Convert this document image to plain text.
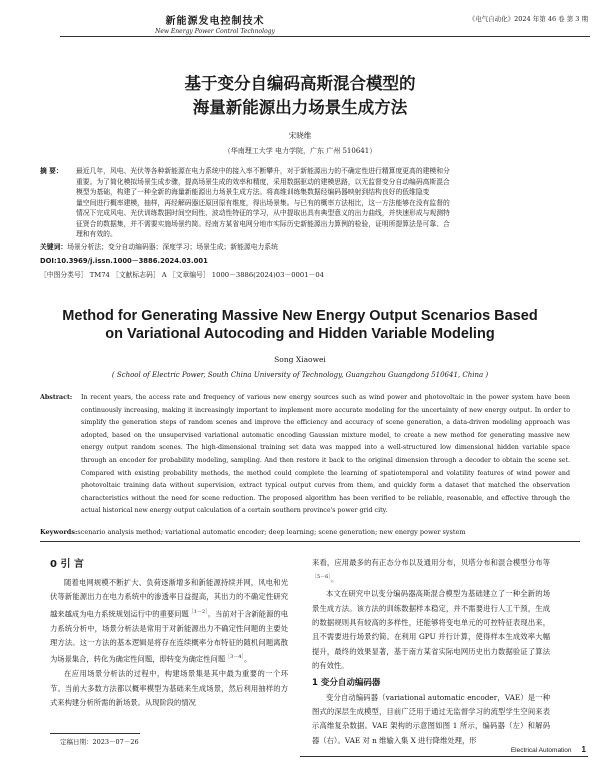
新能源发电控制技术
New Energy Power Control Technology
《电气自动化》2024 年第 46 卷 第 3 期
基于变分自编码高斯混合模型的
海量新能源出力场景生成方法
宋晓维
（华南理工大学 电力学院，广东 广州 510641）
摘 要：	最近几年，风电、光伏等各种新能源在电力系统中的接入率不断攀升，对于新能源出力的不确定性进行精算度更高的建模和分
重要。为了简化模拟场景生成步骤，提高场景生成的效率和精度，采用数据驱动的建模思路，以无监督变分自动编码高斯混合
模型为基础，构建了一种全新的海量新能源出力场景生成方法。将高维训练集数据经编码器映射到结构良好的低维隐变
量空间进行概率建模，抽样，再经解码器还原回原有维度，得出场景集。与已有的概率方法相比，这一方法能够在没有监督的
情况下完成风电、光伏训练数据时间空间性、波动性特征的学习，从中提取出具有典型意义的出力曲线，并快速形成与观测特
征贤合的数据集，并不需要实施场景约简。经南方某省电网分地市实际历史新能源出力算例的检验，证明所提算法是可靠、合
理和有效的。
关键词：场景分析法；变分自动编码器；深度学习；场景生成；新能源电力系统
DOI:10.3969/j.issn.1000－3886.2024.03.001
［中图分类号］ TM74 ［文献标志码］ A ［文章编号］ 1000－3886(2024)03－0001－04
Method for Generating Massive New Energy Output Scenarios Based
on Variational Autocoding and Hidden Variable Modeling
Song Xiaowei
( School of Electric Power, South China University of Technology, Guangzhou Guangdong 510641, China )
Abstract: In recent years, the access rate and frequency of various new energy sources such as wind power and photovoltaic in the power system have been continuously increasing, making it increasingly important to implement more accurate modeling for the uncertainty of new energy output. In order to simplify the generation steps of random scenes and improve the efficiency and accuracy of scene generation, a data-driven modeling approach was adopted, based on the unsupervised variational automatic encoding Gaussian mixture model, to create a new method for generating massive new energy output random scenes. The high-dimensional training set data was mapped into a well-structured low dimensional hidden variable space through an encoder for probability modeling, sampling. And then restore it back to the original dimension through a decoder to obtain the scene set. Compared with existing probability methods, the method could complete the learning of spatiotemporal and volatility features of wind power and photovoltaic training data without supervision, extract typical output curves from them, and quickly form a dataset that matched the observation characteristics without the need for scene reduction. The proposed algorithm has been verified to be reliable, reasonable, and effective through the actual historical new energy output calculation of a certain southern province's power grid city.
Keywords:scenario analysis method; variational automatic encoder; deep learning; scene generation; new energy power system
0 引 言

随着电网规模不断扩大、负荷逐渐增多和新能源持续并网，风电和光伏等新能源出力在电力系统中的渗透率日益提高，其出力的不确定性研究越来越成为电力系统规划运行中的重要问题$^{[1-2]}$。当前对于含新能源的电力系统分析中，场景分析法是常用于对新能源出力不确定性问题的主要处理方法。这一方法的基本逻辑是将存在连续概率分布特征的随机问题离散为场景集合，转化为确定性问题，即转变为确定性问题$^{[3-4]}$。

在应用场景分析法的过程中，构建场景集是其中最为重要的一个环节。当前大多数方法都以概率模型为基础来生成场景，然后利用抽样的方式来构建分析所需的新场景。从现阶段的情况

来看，应用最多的有正态分布以及通用分布，贝塔分布和混合模型分布等$^{[5-6]}$。

本文在研究中以变分编码器高斯混合模型为基础建立了一种全新的场景生成方法。该方法的训练数据样本稳定，并不需要进行人工干预，生成的数据规则具有较高的多样性，还能够将变电单元的可控特征表现出来，且不需要进行场景约简。在利用 GPU 并行计算，使得样本生成效率大幅提升，最终的效果显著，基于南方某省实际电网历史出力数据验证了算法的有效性。

1 变分自动编码器

变分自动编码器（variational automatic encoder，VAE）是一种图式的深层生成模型，目前广泛用于通过无监督学习的流型学生空间来表示高维复杂数据。VAE 架构的示意图如图 1 所示，编码器（左）和解码器（右）。VAE 对 n 维输入集 X 进行降维处理，形

定稿日期：2023－07－26
Electrical Automation 1
